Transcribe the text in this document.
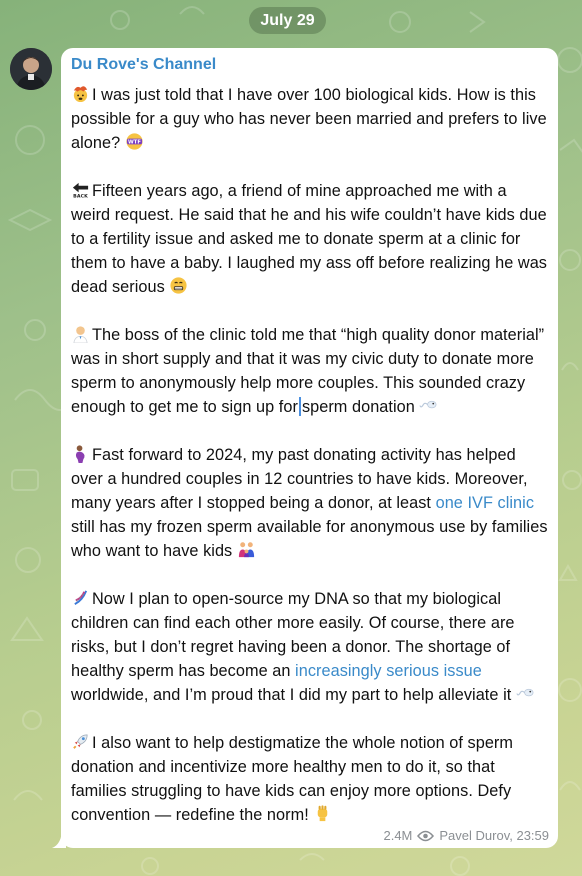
July 29
Du Rove's Channel

I was just told that I have over 100 biological kids. How is this possible for a guy who has never been married and prefers to live alone? WTF

BACK Fifteen years ago, a friend of mine approached me with a weird request. He said that he and his wife couldn’t have kids due to a fertility issue and asked me to donate sperm at a clinic for them to have a baby. I laughed my ass off before realizing he was dead serious

The boss of the clinic told me that “high quality donor material” was in short supply and that it was my civic duty to donate more sperm to anonymously help more couples. This sounded crazy enough to get me to sign up for sperm donation

Fast forward to 2024, my past donating activity has helped over a hundred couples in 12 countries to have kids. Moreover, many years after I stopped being a donor, at least one IVF clinic still has my frozen sperm available for anonymous use by families who want to have kids

Now I plan to open-source my DNA so that my biological children can find each other more easily. Of course, there are risks, but I don’t regret having been a donor. The shortage of healthy sperm has become an increasingly serious issue worldwide, and I’m proud that I did my part to help alleviate it

I also want to help destigmatize the whole notion of sperm donation and incentivize more healthy men to do it, so that families struggling to have kids can enjoy more options. Defy convention — redefine the norm!

2.4M Pavel Durov, 23:59
